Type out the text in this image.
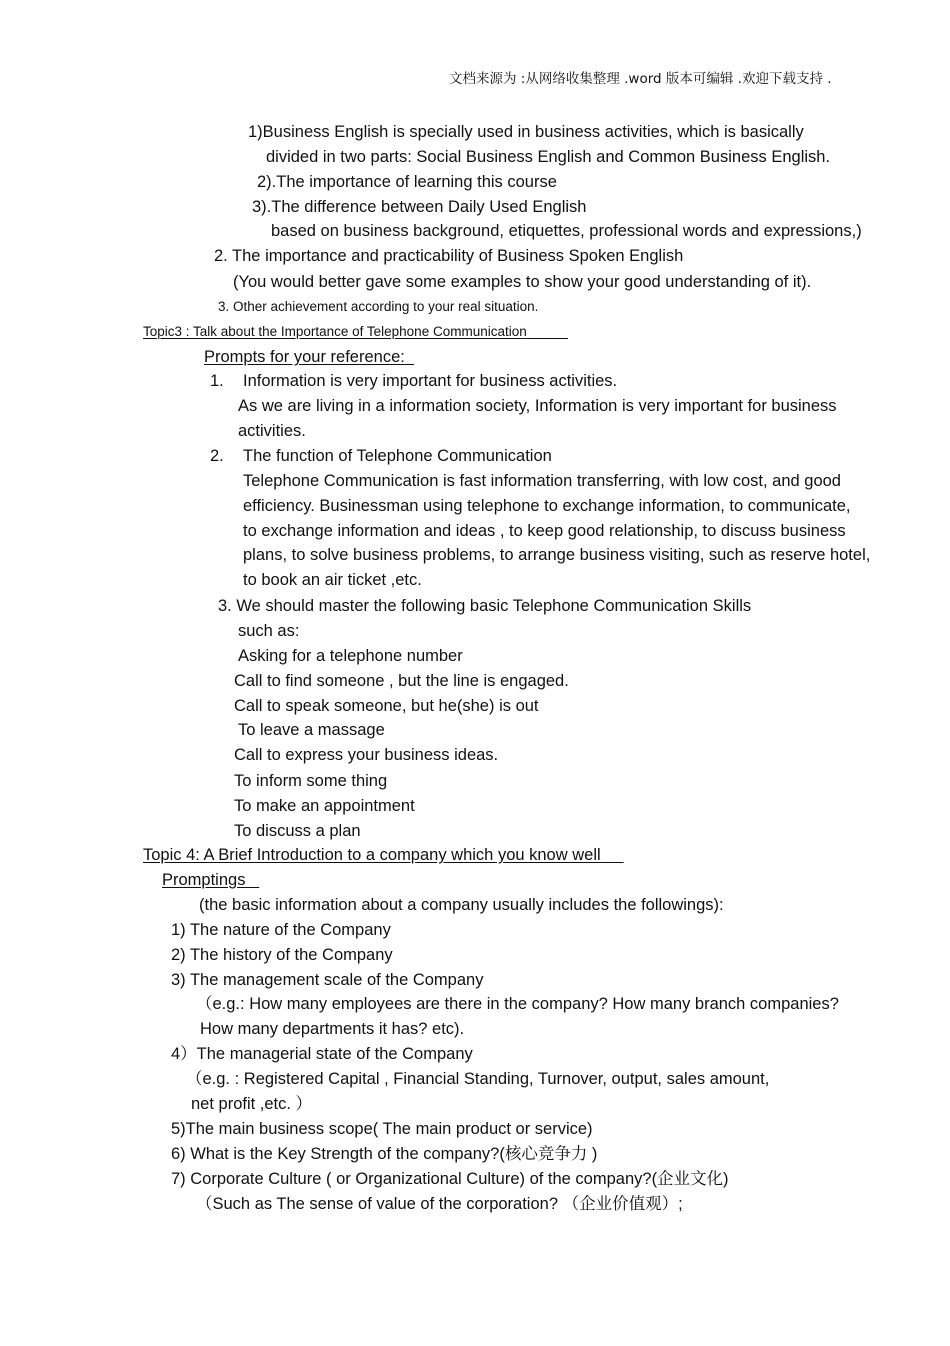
文档来源为 :从网络收集整理 .word 版本可编辑 .欢迎下载支持 .
1)Business English is specially used in business activities, which is basically
divided in two parts: Social Business English and Common Business English.
2).The importance of learning this course
3).The difference between Daily Used English
based on business background, etiquettes, professional words and expressions,)
2. The importance and practicability of Business Spoken English
(You would better gave some examples to show your good understanding of it).
3. Other achievement according to your real situation.
Topic3 : Talk about the Importance of Telephone Communication
Prompts for your reference:
1. Information is very important for business activities.
As we are living in a information society, Information is very important for business
activities.
2. The function of Telephone Communication
Telephone Communication is fast information transferring, with low cost, and good
efficiency. Businessman using telephone to exchange information, to communicate,
to exchange information and ideas , to keep good relationship, to discuss business
plans, to solve business problems, to arrange business visiting, such as reserve hotel,
to book an air ticket ,etc.
3. We should master the following basic Telephone Communication Skills
such as:
Asking for a telephone number
Call to find someone , but the line is engaged.
Call to speak someone, but he(she) is out
To leave a massage
Call to express your business ideas.
To inform some thing
To make an appointment
To discuss a plan
Topic 4: A Brief Introduction to a company which you know well
Promptings
(the basic information about a company usually includes the followings):
1) The nature of the Company
2) The history of the Company
3) The management scale of the Company
（e.g.: How many employees are there in the company? How many branch companies?
How many departments it has? etc).
4）The managerial state of the Company
（e.g. : Registered Capital , Financial Standing, Turnover, output, sales amount,
net profit ,etc. ）
5)The main business scope( The main product or service)
6) What is the Key Strength of the company?(核心竞争力 )
7) Corporate Culture ( or Organizational Culture) of the company?(企业文化)
（Such as The sense of value of the corporation? （企业价值观）;
